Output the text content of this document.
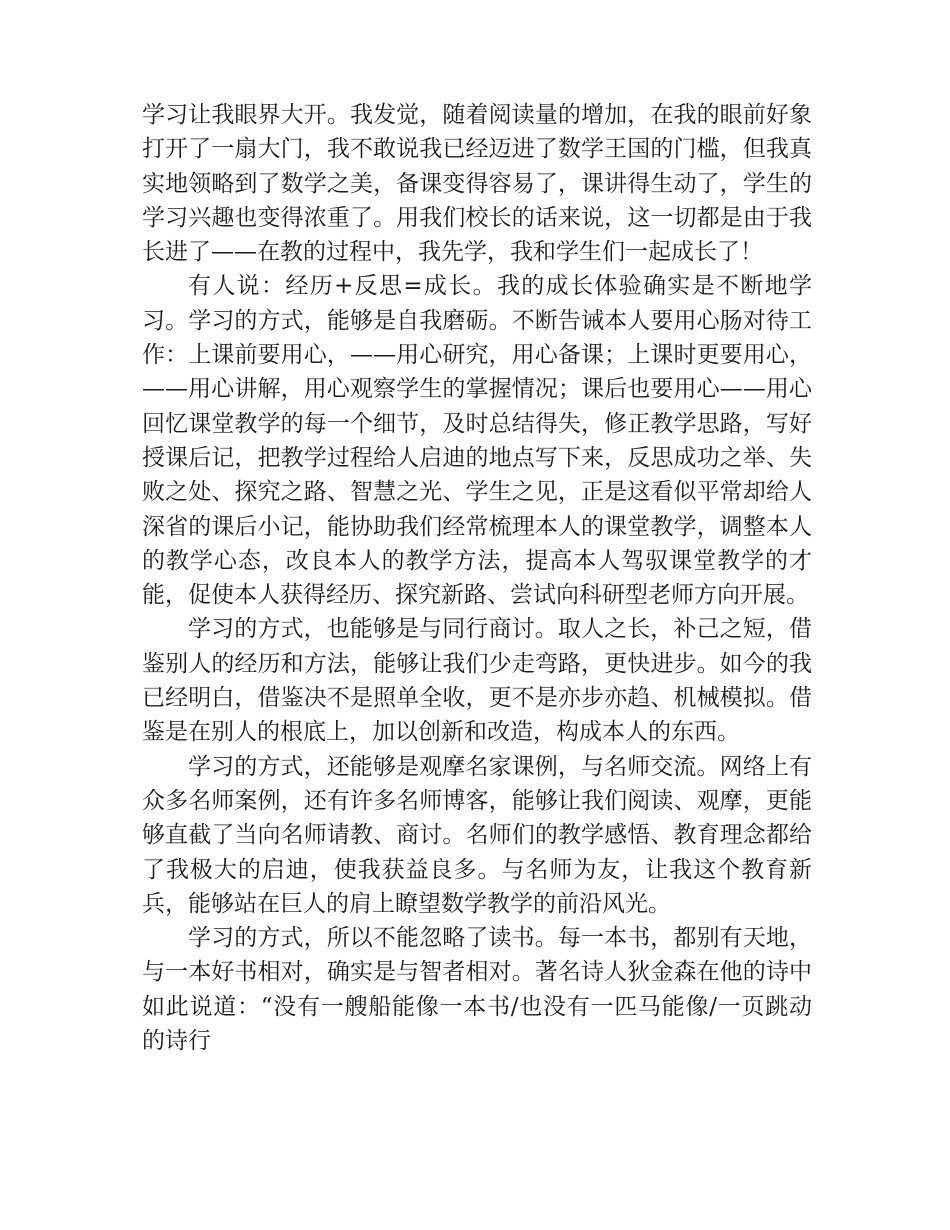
学习让我眼界大开。我发觉，随着阅读量的增加，在我的眼前好象打开了一扇大门，我不敢说我已经迈进了数学王国的门槛，但我真实地领略到了数学之美，备课变得容易了，课讲得生动了，学生的学习兴趣也变得浓重了。用我们校长的话来说，这一切都是由于我长进了——在教的过程中，我先学，我和学生们一起成长了！

有人说：经历+反思=成长。我的成长体验确实是不断地学习。学习的方式，能够是自我磨砺。不断告诫本人要用心肠对待工作：上课前要用心，——用心研究，用心备课；上课时更要用心，——用心讲解，用心观察学生的掌握情况；课后也要用心——用心回忆课堂教学的每一个细节，及时总结得失，修正教学思路，写好授课后记，把教学过程给人启迪的地点写下来，反思成功之举、失败之处、探究之路、智慧之光、学生之见，正是这看似平常却给人深省的课后小记，能协助我们经常梳理本人的课堂教学，调整本人的教学心态，改良本人的教学方法，提高本人驾驭课堂教学的才能，促使本人获得经历、探究新路、尝试向科研型老师方向开展。

学习的方式，也能够是与同行商讨。取人之长，补己之短，借鉴别人的经历和方法，能够让我们少走弯路，更快进步。如今的我已经明白，借鉴决不是照单全收，更不是亦步亦趋、机械模拟。借鉴是在别人的根底上，加以创新和改造，构成本人的东西。

学习的方式，还能够是观摩名家课例，与名师交流。网络上有众多名师案例，还有许多名师博客，能够让我们阅读、观摩，更能够直截了当向名师请教、商讨。名师们的教学感悟、教育理念都给了我极大的启迪，使我获益良多。与名师为友，让我这个教育新兵，能够站在巨人的肩上瞭望数学教学的前沿风光。

学习的方式，所以不能忽略了读书。每一本书，都别有天地，与一本好书相对，确实是与智者相对。著名诗人狄金森在他的诗中如此说道：“没有一艘船能像一本书/也没有一匹马能像/一页跳动的诗行
